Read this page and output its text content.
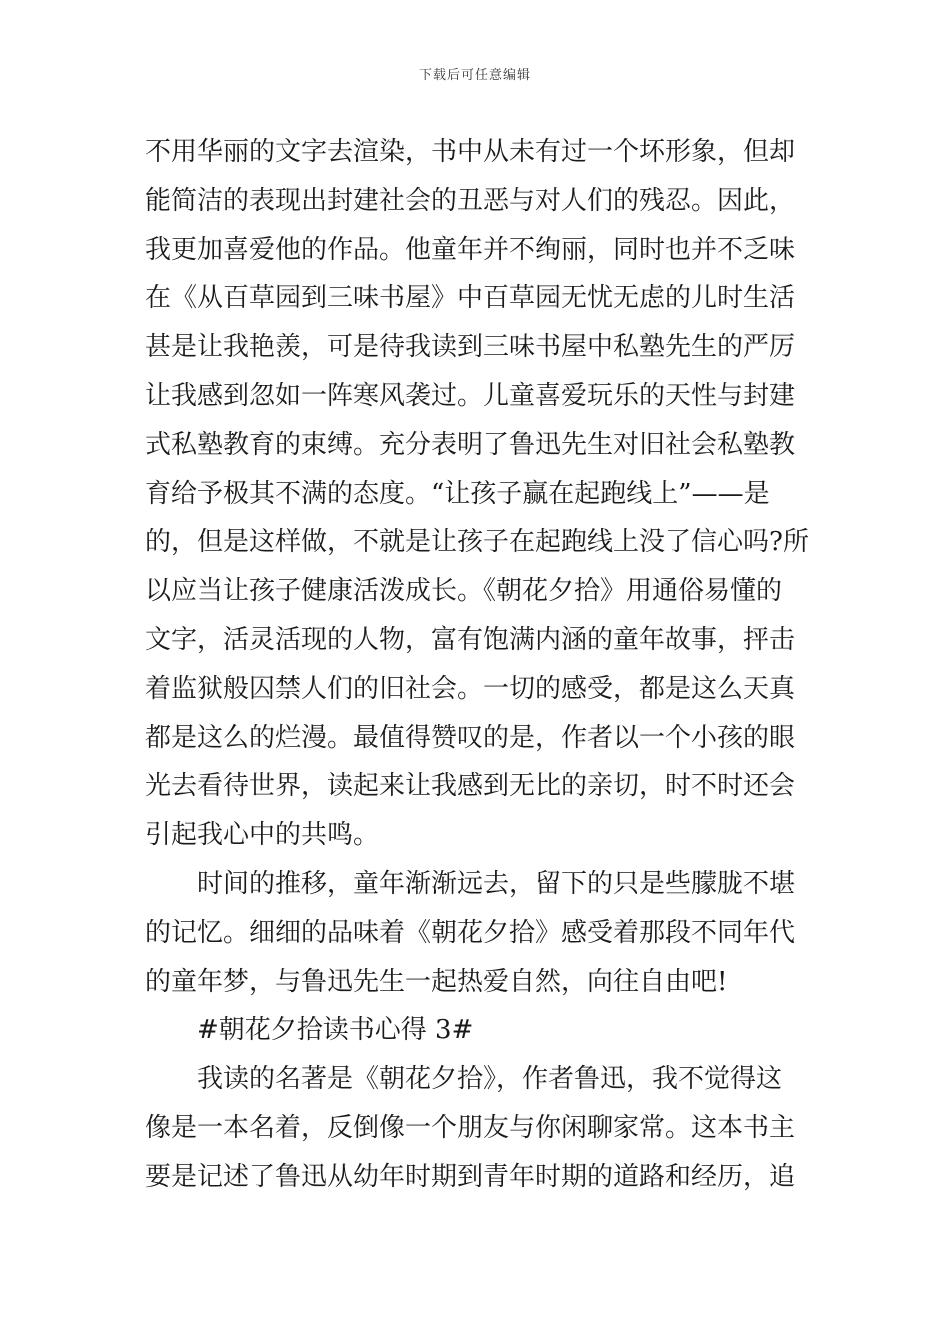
下载后可任意编辑
不用华丽的文字去渲染，书中从未有过一个坏形象，但却
能简洁的表现出封建社会的丑恶与对人们的残忍。因此，
我更加喜爱他的作品。他童年并不绚丽，同时也并不乏味
在《从百草园到三味书屋》中百草园无忧无虑的儿时生活
甚是让我艳羡，可是待我读到三味书屋中私塾先生的严厉
让我感到忽如一阵寒风袭过。儿童喜爱玩乐的天性与封建
式私塾教育的束缚。充分表明了鲁迅先生对旧社会私塾教
育给予极其不满的态度。“让孩子赢在起跑线上”——是
的，但是这样做，不就是让孩子在起跑线上没了信心吗?所
以应当让孩子健康活泼成长。《朝花夕拾》用通俗易懂的
文字，活灵活现的人物，富有饱满内涵的童年故事，抨击
着监狱般囚禁人们的旧社会。一切的感受，都是这么天真
都是这么的烂漫。最值得赞叹的是，作者以一个小孩的眼
光去看待世界，读起来让我感到无比的亲切，时不时还会
引起我心中的共鸣。
时间的推移，童年渐渐远去，留下的只是些朦胧不堪
的记忆。细细的品味着《朝花夕拾》感受着那段不同年代
的童年梦，与鲁迅先生一起热爱自然，向往自由吧!
#朝花夕拾读书心得 3#
我读的名著是《朝花夕拾》，作者鲁迅，我不觉得这
像是一本名着，反倒像一个朋友与你闲聊家常。这本书主
要是记述了鲁迅从幼年时期到青年时期的道路和经历，追
